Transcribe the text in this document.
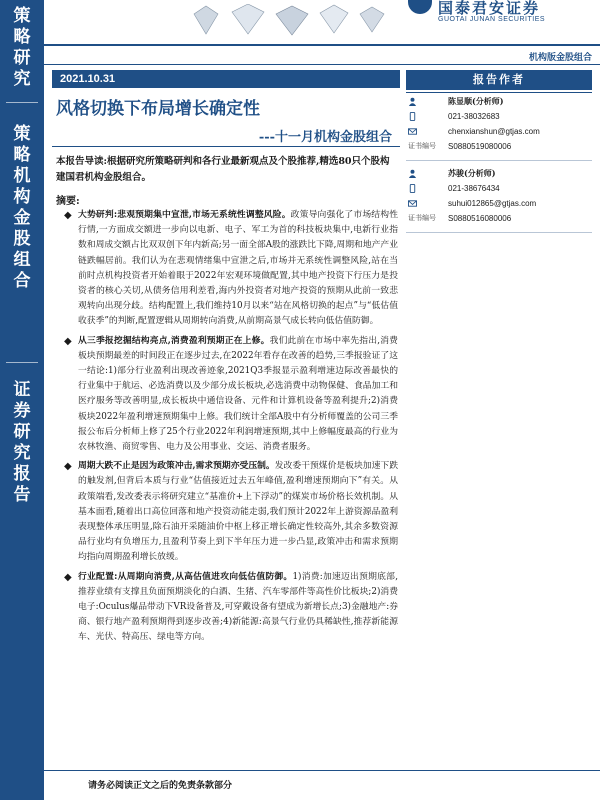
策
略
研
究
策
略
机
构
金
股
组
合
证
券
研
究
报
告
国泰君安证券
GUOTAI JUNAN SECURITIES
机构版金股组合
2021.10.31
风格切换下布局增长确定性
---十一月机构金股组合
本报告导读:根据研究所策略研判和各行业最新观点及个股推荐,精选80只个股构建国君机构金股组合。
摘要:
◆ 大势研判:悲观预期集中宣泄,市场无系统性调整风险。政策导向强化了市场结构性行情,一方面成交额进一步向以电新、电子、军工为首的科技板块集中,电新行业指数和周成交额占比双双创下年内新高;另一面全部A股的涨跌比下降,周期和地产产业链跌幅居前。我们认为在悲观情绪集中宣泄之后,市场并无系统性调整风险,站在当前时点机构投资者开始着眼于2022年宏观环境做配置,其中地产投资下行压力是投资者的核心关切,从债务信用利差看,海内外投资者对地产投资的预期从此前一致悲观转向出现分歧。结构配置上,我们维持10月以来“站在风格切换的起点”与“低估值收获季”的判断,配置逻辑从周期转向消费,从前期高景气成长转向低估值防御。
◆ 从三季报挖掘结构亮点,消费盈利预期正在上修。我们此前在市场中率先指出,消费板块预期最差的时间段正在逐步过去,在2022年看存在改善的趋势,三季报验证了这一结论:1)部分行业盈利出现改善迹象,2021Q3季报显示盈利增速边际改善最快的行业集中于航运、必选消费以及少部分成长板块,必选消费中动物保健、食品加工和医疗服务等改善明显,成长板块中通信设备、元件和计算机设备等盈利提升;2)消费板块2022年盈利增速预期集中上修。我们统计全部A股中有分析师覆盖的公司三季报公布后分析师上修了25个行业2022年利润增速预期,其中上修幅度最高的行业为农林牧渔、商贸零售、电力及公用事业、交运、消费者服务。
◆ 周期大跌不止是因为政策冲击,需求预期亦受压制。发改委干预煤价是板块加速下跌的触发剂,但背后本质与行业“估值接近过去五年峰值,盈利增速预期向下”有关。从政策端看,发改委表示将研究建立“基准价+上下浮动”的煤炭市场价格长效机制。从基本面看,随着出口高位回落和地产投资动能走弱,我们预计2022年上游资源品盈利表现整体承压明显,除石油开采随油价中枢上移正增长确定性较高外,其余多数资源品行业均有负增压力,且盈利节奏上到下半年压力进一步凸显,政策冲击和需求预期均指向周期盈利增长放缓。
◆ 行业配置:从周期向消费,从高估值进攻向低估值防御。1)消费:加速迈出预期底部,推荐业绩有支撑且负面预期淡化的白酒、生猪、汽车零部件等高性价比板块;2)消费电子:Oculus爆品带动下VR设备普及,可穿戴设备有望成为新增长点;3)金融地产:券商、银行地产盈利预期得到逐步改善;4)新能源:高景气行业仍具稀缺性,推荐新能源车、光伏、特高压、绿电等方向。
报告作者
陈显顺(分析师)
021-38032683
chenxianshun@gtjas.com
证书编号 S0880519080006
苏骏(分析师)
021-38676434
suhui012865@gtjas.com
证书编号 S0880516080006
请务必阅读正文之后的免责条款部分
